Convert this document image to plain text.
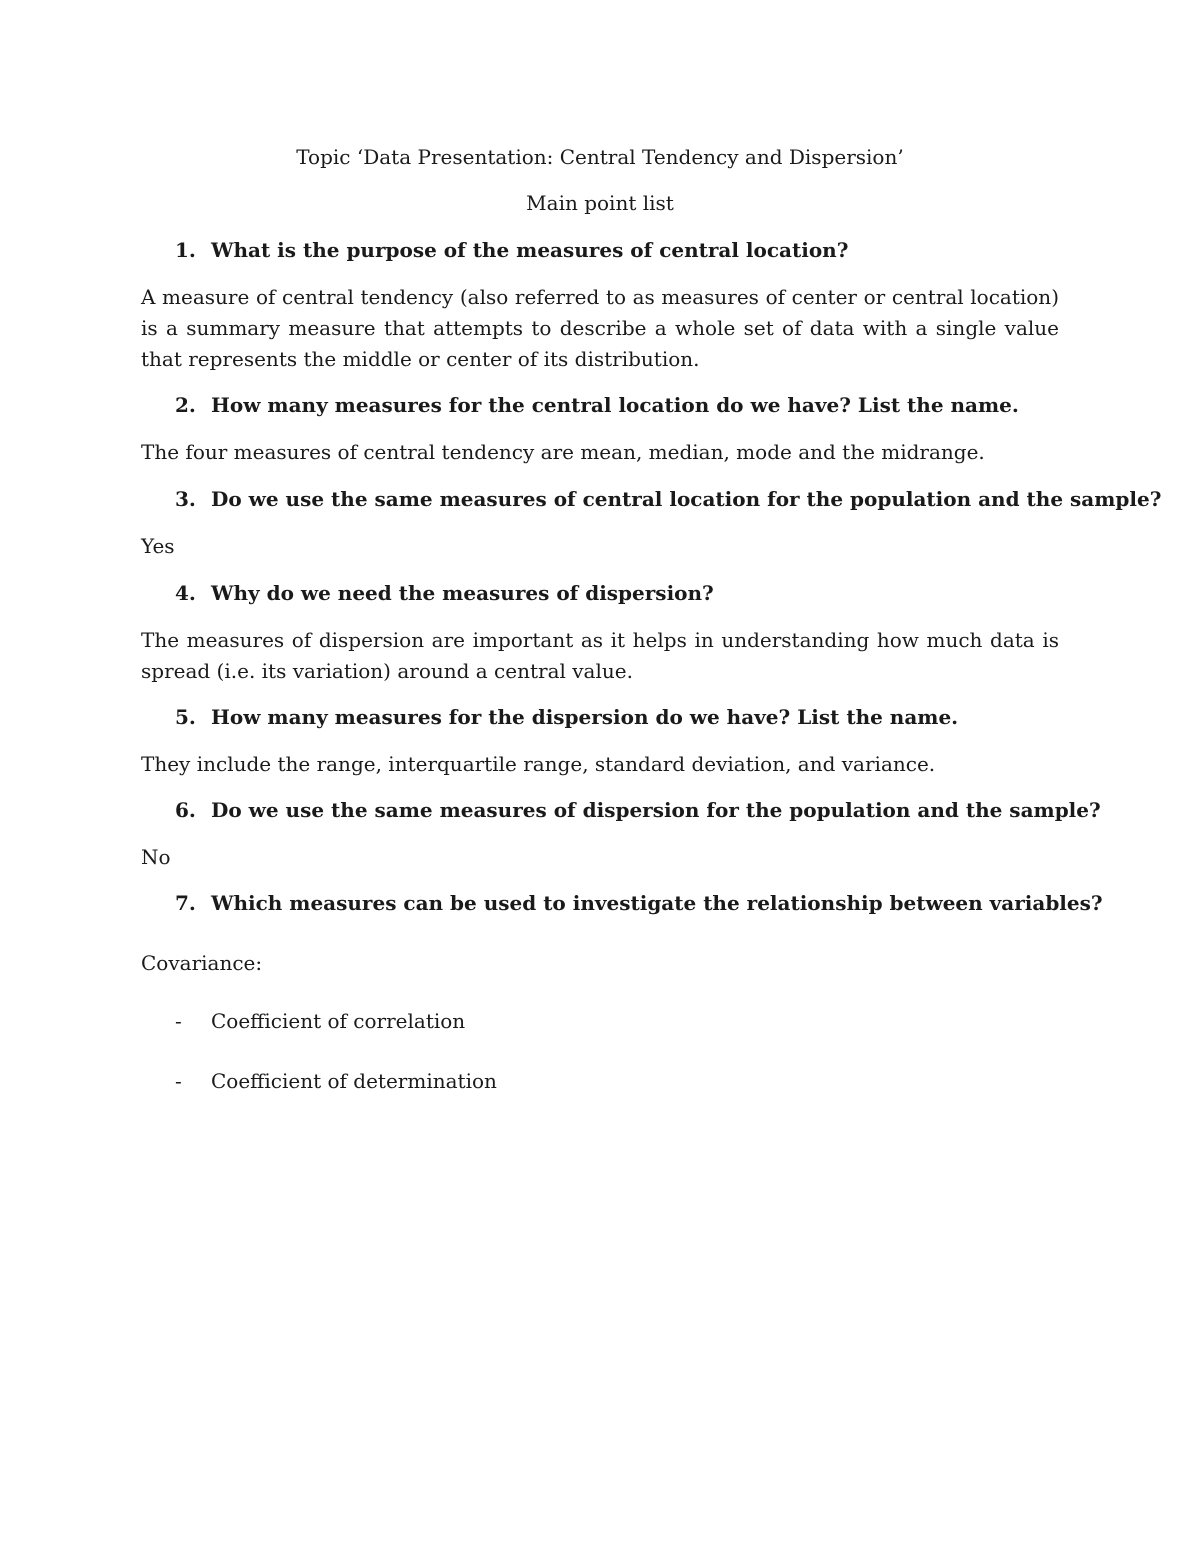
Topic ‘Data Presentation: Central Tendency and Dispersion’
Main point list
1. What is the purpose of the measures of central location?
A measure of central tendency (also referred to as measures of center or central location) is a summary measure that attempts to describe a whole set of data with a single value that represents the middle or center of its distribution.
2. How many measures for the central location do we have? List the name.
The four measures of central tendency are mean, median, mode and the midrange.
3. Do we use the same measures of central location for the population and the sample?
Yes
4. Why do we need the measures of dispersion?
The measures of dispersion are important as it helps in understanding how much data is spread (i.e. its variation) around a central value.
5. How many measures for the dispersion do we have? List the name.
They include the range, interquartile range, standard deviation, and variance.
6. Do we use the same measures of dispersion for the population and the sample?
No
7. Which measures can be used to investigate the relationship between variables?
Covariance:
- Coefficient of correlation
- Coefficient of determination
